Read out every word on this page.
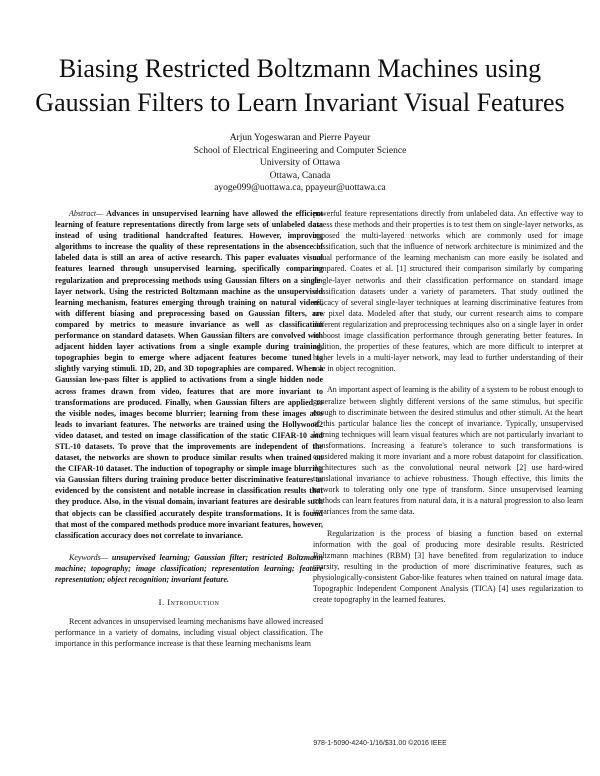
Biasing Restricted Boltzmann Machines using
Gaussian Filters to Learn Invariant Visual Features
Arjun Yogeswaran and Pierre Payeur
School of Electrical Engineering and Computer Science
University of Ottawa
Ottawa, Canada
ayoge099@uottawa.ca, ppayeur@uottawa.ca

Abstract— Advances in unsupervised learning have allowed the efficient learning of feature representations directly from large sets of unlabeled data instead of using traditional handcrafted features. However, improving algorithms to increase the quality of these representations in the absence of labeled data is still an area of active research. This paper evaluates visual features learned through unsupervised learning, specifically comparing regularization and preprocessing methods using Gaussian filters on a single-layer network. Using the restricted Boltzmann machine as the unsupervised learning mechanism, features emerging through training on natural videos, with different biasing and preprocessing based on Gaussian filters, are compared by metrics to measure invariance as well as classification performance on standard datasets. When Gaussian filters are convolved with adjacent hidden layer activations from a single example during training, topographies begin to emerge where adjacent features become tuned to slightly varying stimuli. 1D, 2D, and 3D topographies are compared. When a Gaussian low-pass filter is applied to activations from a single hidden node across frames drawn from video, features that are more invariant to transformations are produced. Finally, when Gaussian filters are applied to the visible nodes, images become blurrier; learning from these images also leads to invariant features. The networks are trained using the Hollywood2 video dataset, and tested on image classification of the static CIFAR-10 and STL-10 datasets. To prove that the improvements are independent of the dataset, the networks are shown to produce similar results when trained on the CIFAR-10 dataset. The induction of topography or simple image blurring via Gaussian filters during training produce better discriminative features as evidenced by the consistent and notable increase in classification results that they produce. Also, in the visual domain, invariant features are desirable such that objects can be classified accurately despite transformations. It is found that most of the compared methods produce more invariant features, however, classification accuracy does not correlate to invariance.

Keywords— unsupervised learning; Gaussian filter; restricted Boltzmann machine; topography; image classification; representation learning; feature representation; object recognition; invariant feature.

I. Introduction

Recent advances in unsupervised learning mechanisms have allowed increased performance in a variety of domains, including visual object classification. The importance in this performance increase is that these learning mechanisms learn

powerful feature representations directly from unlabeled data. An effective way to assess these methods and their properties is to test them on single-layer networks, as opposed the multi-layered networks which are commonly used for image classification, such that the influence of network architecture is minimized and the actual performance of the learning mechanism can more easily be isolated and compared. Coates et al. [1] structured their comparison similarly by comparing single-layer networks and their classification performance on standard image classification datasets under a variety of parameters. That study outlined the efficacy of several single-layer techniques at learning discriminative features from raw pixel data. Modeled after that study, our current research aims to compare different regularization and preprocessing techniques also on a single layer in order to boost image classification performance through generating better features. In addition, the properties of these features, which are more difficult to interpret at higher levels in a multi-layer network, may lead to further understanding of their role in object recognition.

An important aspect of learning is the ability of a system to be robust enough to generalize between slightly different versions of the same stimulus, but specific enough to discriminate between the desired stimulus and other stimuli. At the heart of this particular balance lies the concept of invariance. Typically, unsupervised learning techniques will learn visual features which are not particularly invariant to transformations. Increasing a feature's tolerance to such transformations is considered making it more invariant and a more robust datapoint for classification. Architectures such as the convolutional neural network [2] use hard-wired translational invariance to achieve robustness. Though effective, this limits the network to tolerating only one type of transform. Since unsupervised learning methods can learn features from natural data, it is a natural progression to also learn invariances from the same data.

Regularization is the process of biasing a function based on external information with the goal of producing more desirable results. Restricted Boltzmann machines (RBM) [3] have benefited from regularization to induce sparsity, resulting in the production of more discriminative features, such as physiologically-consistent Gabor-like features when trained on natural image data. Topographic Independent Component Analysis (TICA) [4] uses regularization to create topography in the learned features.

978-1-5090-4240-1/16/$31.00 ©2016 IEEE
